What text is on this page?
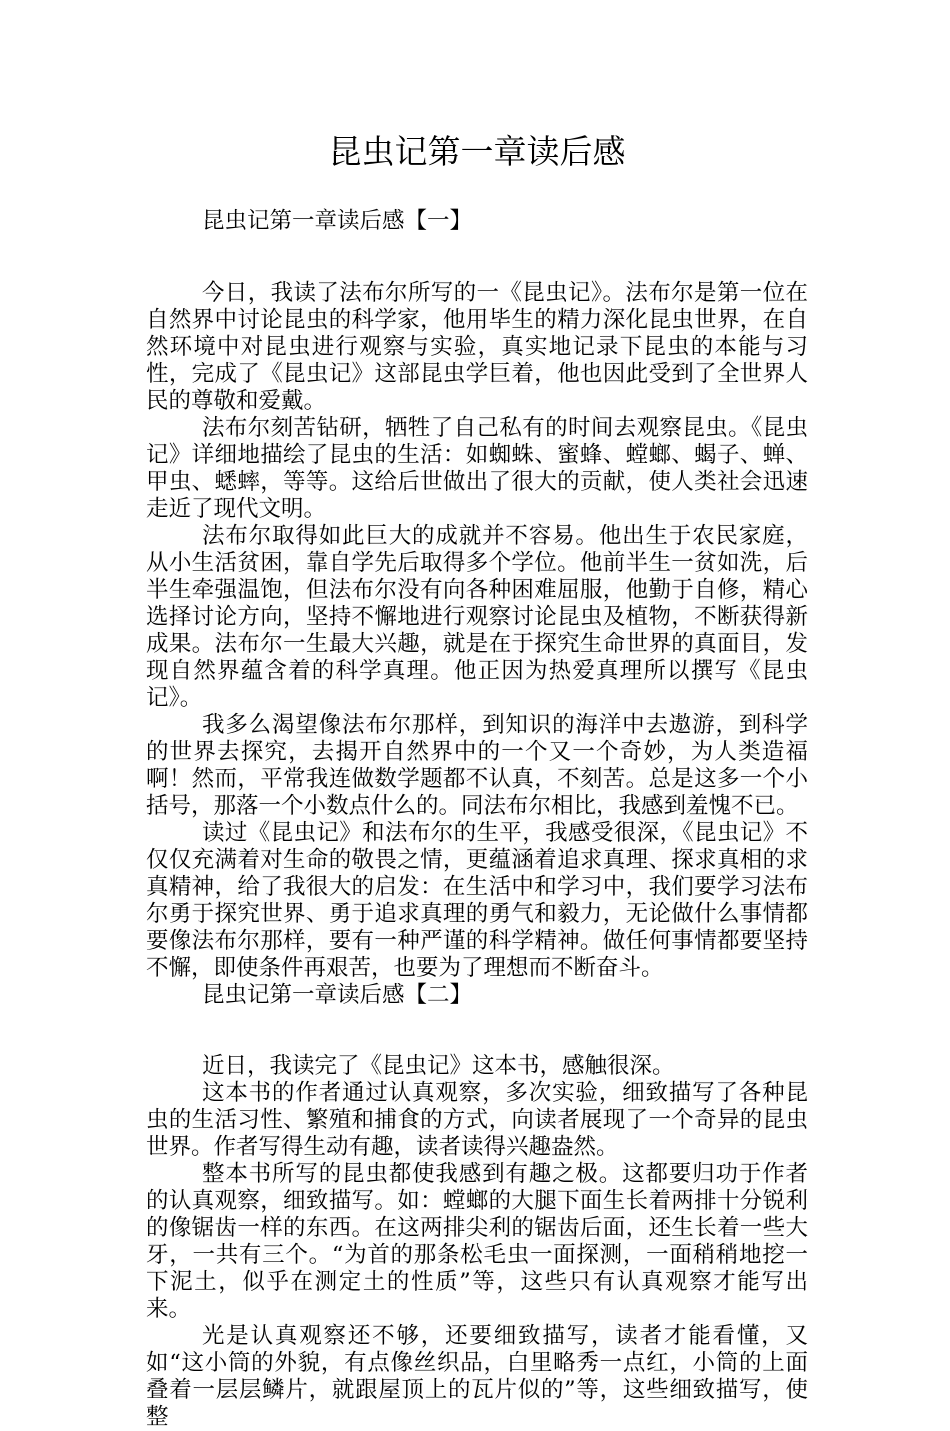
昆虫记第一章读后感

昆虫记第一章读后感【一】

今日，我读了法布尔所写的一《昆虫记》。法布尔是第一位在自然界中讨论昆虫的科学家，他用毕生的精力深化昆虫世界，在自然环境中对昆虫进行观察与实验，真实地记录下昆虫的本能与习性，完成了《昆虫记》这部昆虫学巨着，他也因此受到了全世界人民的尊敬和爱戴。

法布尔刻苦钻研，牺牲了自己私有的时间去观察昆虫。《昆虫记》详细地描绘了昆虫的生活：如蜘蛛、蜜蜂、螳螂、蝎子、蝉、甲虫、蟋蟀，等等。这给后世做出了很大的贡献，使人类社会迅速走近了现代文明。

法布尔取得如此巨大的成就并不容易。他出生于农民家庭，从小生活贫困，靠自学先后取得多个学位。他前半生一贫如洗，后半生牵强温饱，但法布尔没有向各种困难屈服，他勤于自修，精心选择讨论方向，坚持不懈地进行观察讨论昆虫及植物，不断获得新成果。法布尔一生最大兴趣，就是在于探究生命世界的真面目，发现自然界蕴含着的科学真理。他正因为热爱真理所以撰写《昆虫记》。

我多么渴望像法布尔那样，到知识的海洋中去遨游，到科学的世界去探究，去揭开自然界中的一个又一个奇妙，为人类造福啊！然而，平常我连做数学题都不认真，不刻苦。总是这多一个小括号，那落一个小数点什么的。同法布尔相比，我感到羞愧不已。

读过《昆虫记》和法布尔的生平，我感受很深，《昆虫记》不仅仅充满着对生命的敬畏之情，更蕴涵着追求真理、探求真相的求真精神，给了我很大的启发：在生活中和学习中，我们要学习法布尔勇于探究世界、勇于追求真理的勇气和毅力，无论做什么事情都要像法布尔那样，要有一种严谨的科学精神。做任何事情都要坚持不懈，即使条件再艰苦，也要为了理想而不断奋斗。

昆虫记第一章读后感【二】

近日，我读完了《昆虫记》这本书，感触很深。

这本书的作者通过认真观察，多次实验，细致描写了各种昆虫的生活习性、繁殖和捕食的方式，向读者展现了一个奇异的昆虫世界。作者写得生动有趣，读者读得兴趣盎然。

整本书所写的昆虫都使我感到有趣之极。这都要归功于作者的认真观察，细致描写。如：螳螂的大腿下面生长着两排十分锐利的像锯齿一样的东西。在这两排尖利的锯齿后面，还生长着一些大牙，一共有三个。“为首的那条松毛虫一面探测，一面稍稍地挖一下泥土，似乎在测定土的性质”等，这些只有认真观察才能写出来。

光是认真观察还不够，还要细致描写，读者才能看懂，又如“这小筒的外貌，有点像丝织品，白里略秀一点红，小筒的上面叠着一层层鳞片，就跟屋顶上的瓦片似的”等，这些细致描写，使整
